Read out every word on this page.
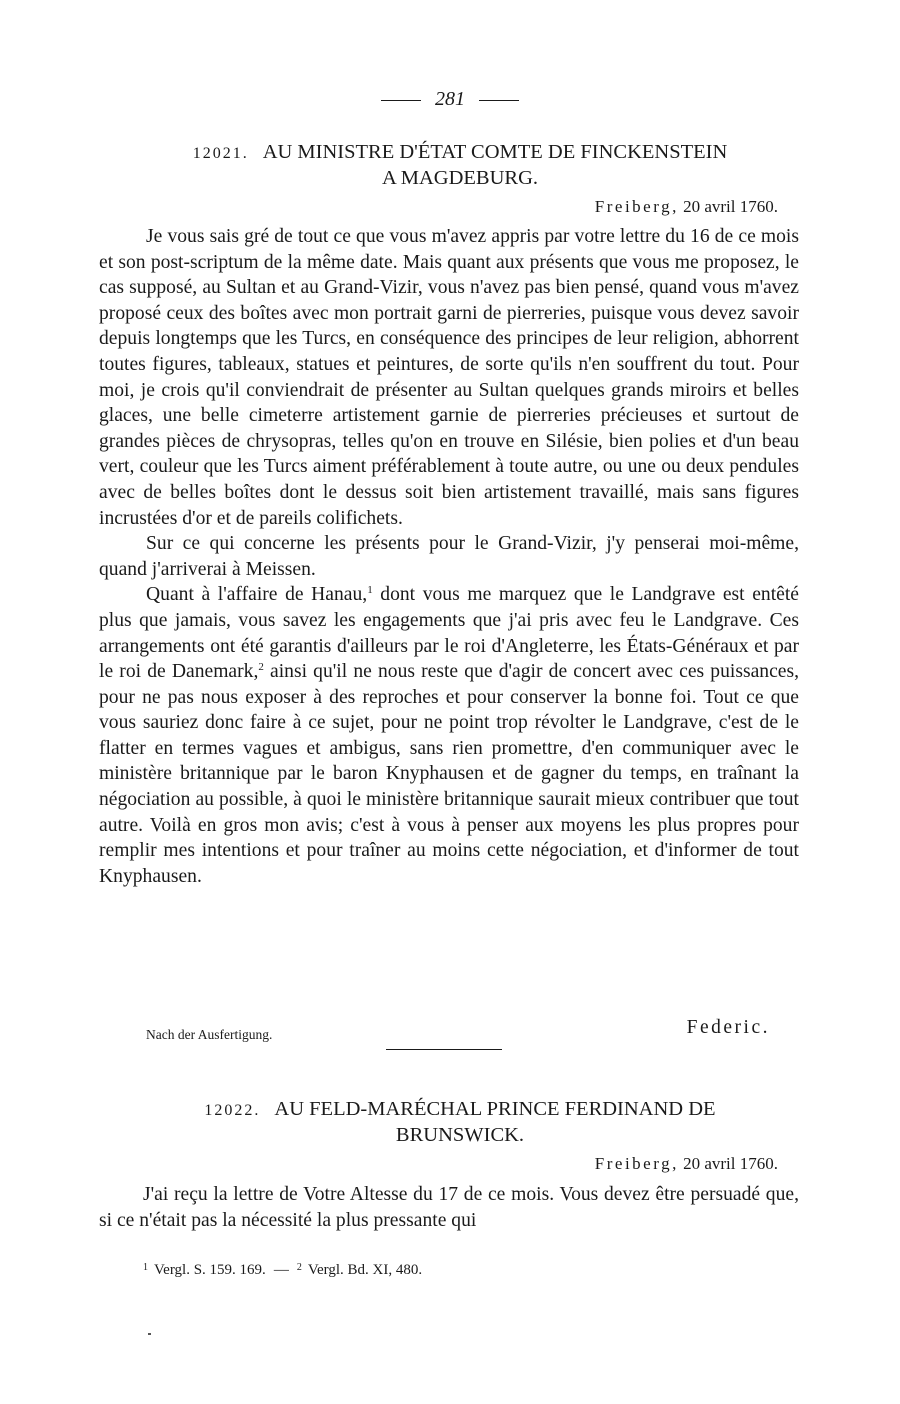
281
12021. AU MINISTRE D'ÉTAT COMTE DE FINCKENSTEIN
A MAGDEBURG.
Freiberg, 20 avril 1760.

Je vous sais gré de tout ce que vous m'avez appris par votre lettre du 16 de ce mois et son post-scriptum de la même date. Mais quant aux présents que vous me proposez, le cas supposé, au Sultan et au Grand-Vizir, vous n'avez pas bien pensé, quand vous m'avez proposé ceux des boîtes avec mon portrait garni de pierreries, puisque vous devez savoir depuis longtemps que les Turcs, en conséquence des principes de leur religion, abhorrent toutes figures, tableaux, statues et peintures, de sorte qu'ils n'en souffrent du tout. Pour moi, je crois qu'il conviendrait de présenter au Sultan quelques grands miroirs et belles glaces, une belle cimeterre artistement garnie de pierreries précieuses et surtout de grandes pièces de chrysopras, telles qu'on en trouve en Silésie, bien polies et d'un beau vert, couleur que les Turcs aiment préférablement à toute autre, ou une ou deux pendules avec de belles boîtes dont le dessus soit bien artistement travaillé, mais sans figures incrustées d'or et de pareils colifichets.

Sur ce qui concerne les présents pour le Grand-Vizir, j'y penserai moi-même, quand j'arriverai à Meissen.

Quant à l'affaire de Hanau,$^1$ dont vous me marquez que le Landgrave est entêté plus que jamais, vous savez les engagements que j'ai pris avec feu le Landgrave. Ces arrangements ont été garantis d'ailleurs par le roi d'Angleterre, les États-Généraux et par le roi de Danemark,$^2$ ainsi qu'il ne nous reste que d'agir de concert avec ces puissances, pour ne pas nous exposer à des reproches et pour conserver la bonne foi. Tout ce que vous sauriez donc faire à ce sujet, pour ne point trop révolter le Landgrave, c'est de le flatter en termes vagues et ambigus, sans rien promettre, d'en communiquer avec le ministère britannique par le baron Knyphausen et de gagner du temps, en traînant la négociation au possible, à quoi le ministère britannique saurait mieux contribuer que tout autre. Voilà en gros mon avis; c'est à vous à penser aux moyens les plus propres pour remplir mes intentions et pour traîner au moins cette négociation, et d'informer de tout Knyphausen.

Nach der Ausfertigung.	Federic.
12022. AU FELD-MARÉCHAL PRINCE FERDINAND DE
BRUNSWICK.
Freiberg, 20 avril 1760.

J'ai reçu la lettre de Votre Altesse du 17 de ce mois. Vous devez être persuadé que, si ce n'était pas la nécessité la plus pressante qui

$^1$ Vergl. S. 159. 169. — $^2$ Vergl. Bd. XI, 480.
